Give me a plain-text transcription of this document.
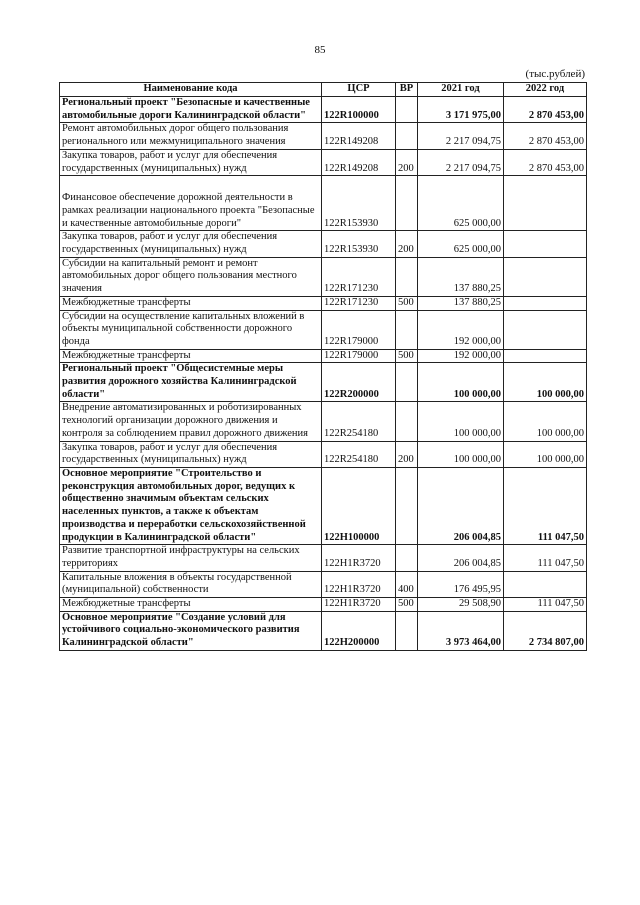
85
(тыс.рублей)
Наименование кода	ЦСР	ВР	2021 год	2022 год
Региональный проект "Безопасные и качественные автомобильные дороги Калининградской области"	122R100000		3 171 975,00	2 870 453,00
Ремонт автомобильных дорог общего пользования регионального или межмуниципального значения	122R149208		2 217 094,75	2 870 453,00
Закупка товаров, работ и услуг для обеспечения государственных (муниципальных) нужд	122R149208	200	2 217 094,75	2 870 453,00
Финансовое обеспечение дорожной деятельности в рамках реализации национального проекта "Безопасные и качественные автомобильные дороги"	122R153930		625 000,00	
Закупка товаров, работ и услуг для обеспечения государственных (муниципальных) нужд	122R153930	200	625 000,00	
Субсидии на капитальный ремонт и ремонт автомобильных дорог общего пользования местного значения	122R171230		137 880,25	
Межбюджетные трансферты	122R171230	500	137 880,25	
Субсидии на осуществление капитальных вложений в объекты муниципальной собственности дорожного фонда	122R179000		192 000,00	
Межбюджетные трансферты	122R179000	500	192 000,00	
Региональный проект "Общесистемные меры развития дорожного хозяйства Калининградской области"	122R200000		100 000,00	100 000,00
Внедрение автоматизированных и роботизированных технологий организации дорожного движения и контроля за соблюдением правил дорожного движения	122R254180		100 000,00	100 000,00
Закупка товаров, работ и услуг для обеспечения государственных (муниципальных) нужд	122R254180	200	100 000,00	100 000,00
Основное мероприятие "Строительство и реконструкция автомобильных дорог, ведущих к общественно значимым объектам сельских населенных пунктов, а также к объектам производства и переработки сельскохозяйственной продукции в Калининградской области"	122H100000		206 004,85	111 047,50
Развитие транспортной инфраструктуры на сельских территориях	122H1R3720		206 004,85	111 047,50
Капитальные вложения в объекты государственной (муниципальной) собственности	122H1R3720	400	176 495,95	
Межбюджетные трансферты	122H1R3720	500	29 508,90	111 047,50
Основное мероприятие "Создание условий для устойчивого социально-экономического развития Калининградской области"	122H200000		3 973 464,00	2 734 807,00
